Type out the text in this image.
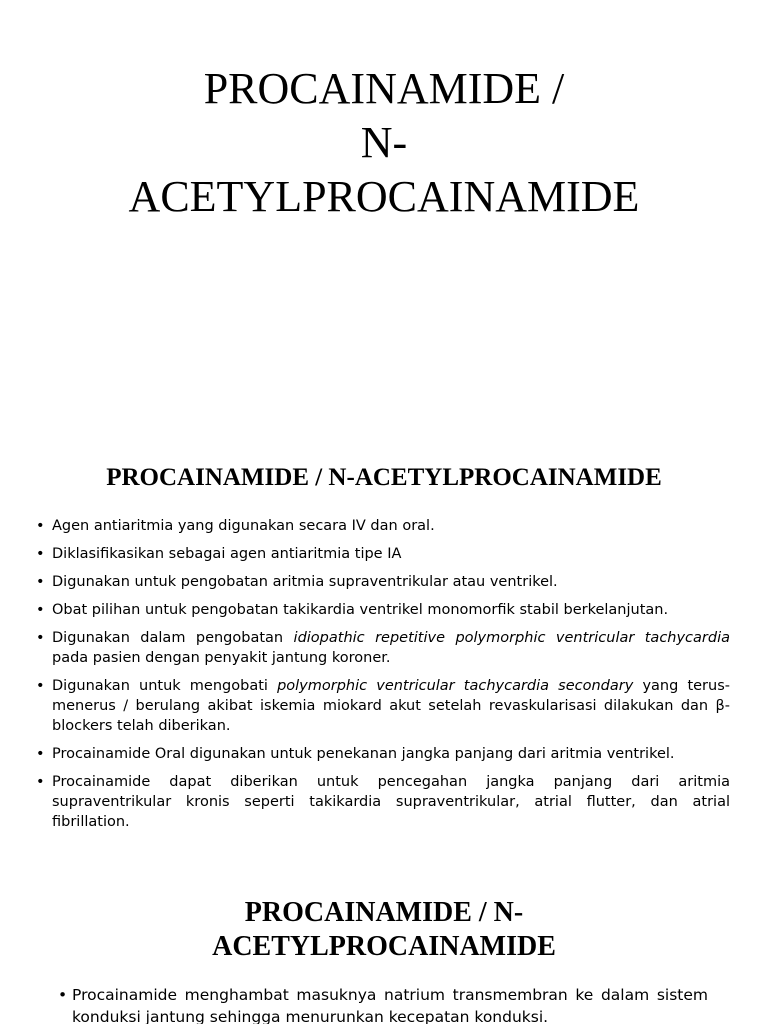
PROCAINAMIDE /
N-
ACETYLPROCAINAMIDE
PROCAINAMIDE / N-ACETYLPROCAINAMIDE
• Agen antiaritmia yang digunakan secara IV dan oral.
• Diklasifikasikan sebagai agen antiaritmia tipe IA
• Digunakan untuk pengobatan aritmia supraventrikular atau ventrikel.
• Obat pilihan untuk pengobatan takikardia ventrikel monomorfik stabil berkelanjutan.
• Digunakan dalam pengobatan idiopathic repetitive polymorphic ventricular tachycardia pada pasien dengan penyakit jantung koroner.
• Digunakan untuk mengobati polymorphic ventricular tachycardia secondary yang terus-menerus / berulang akibat iskemia miokard akut setelah revaskularisasi dilakukan dan β-blockers telah diberikan.
• Procainamide Oral digunakan untuk penekanan jangka panjang dari aritmia ventrikel.
• Procainamide dapat diberikan untuk pencegahan jangka panjang dari aritmia supraventrikular kronis seperti takikardia supraventrikular, atrial flutter, dan atrial fibrillation.
PROCAINAMIDE / N-
ACETYLPROCAINAMIDE
• Procainamide menghambat masuknya natrium transmembran ke dalam sistem konduksi jantung sehingga menurunkan kecepatan konduksi.
